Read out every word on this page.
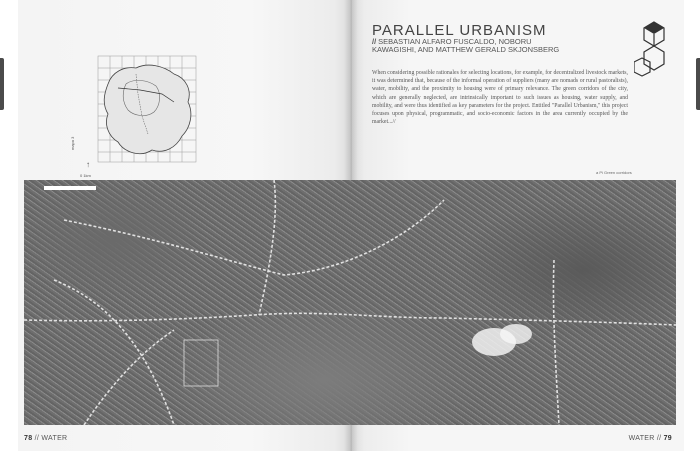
mapa 3
↑
0 1km
PARALLEL URBANISM
// SEBASTIAN ALFARO FUSCALDO, NOBORU KAWAGISHI, AND MATTHEW GERALD SKJONSBERG
When considering possible rationales for selecting locations, for example, for decentralized livestock markets, it was determined that, because of the informal operation of suppliers (many are nomads or rural pastoralists), water, mobility, and the proximity to housing were of primary relevance. The green corridors of the city, which are generally neglected, are intrinsically important to such issues as housing, water supply, and mobility, and were thus identified as key parameters for the project. Entitled "Parallel Urbanism," this project focuses upon physical, programmatic, and socio-economic factors in the area currently occupied by the market...//
a Pi Green corridors
78 // WATER	WATER // 79
